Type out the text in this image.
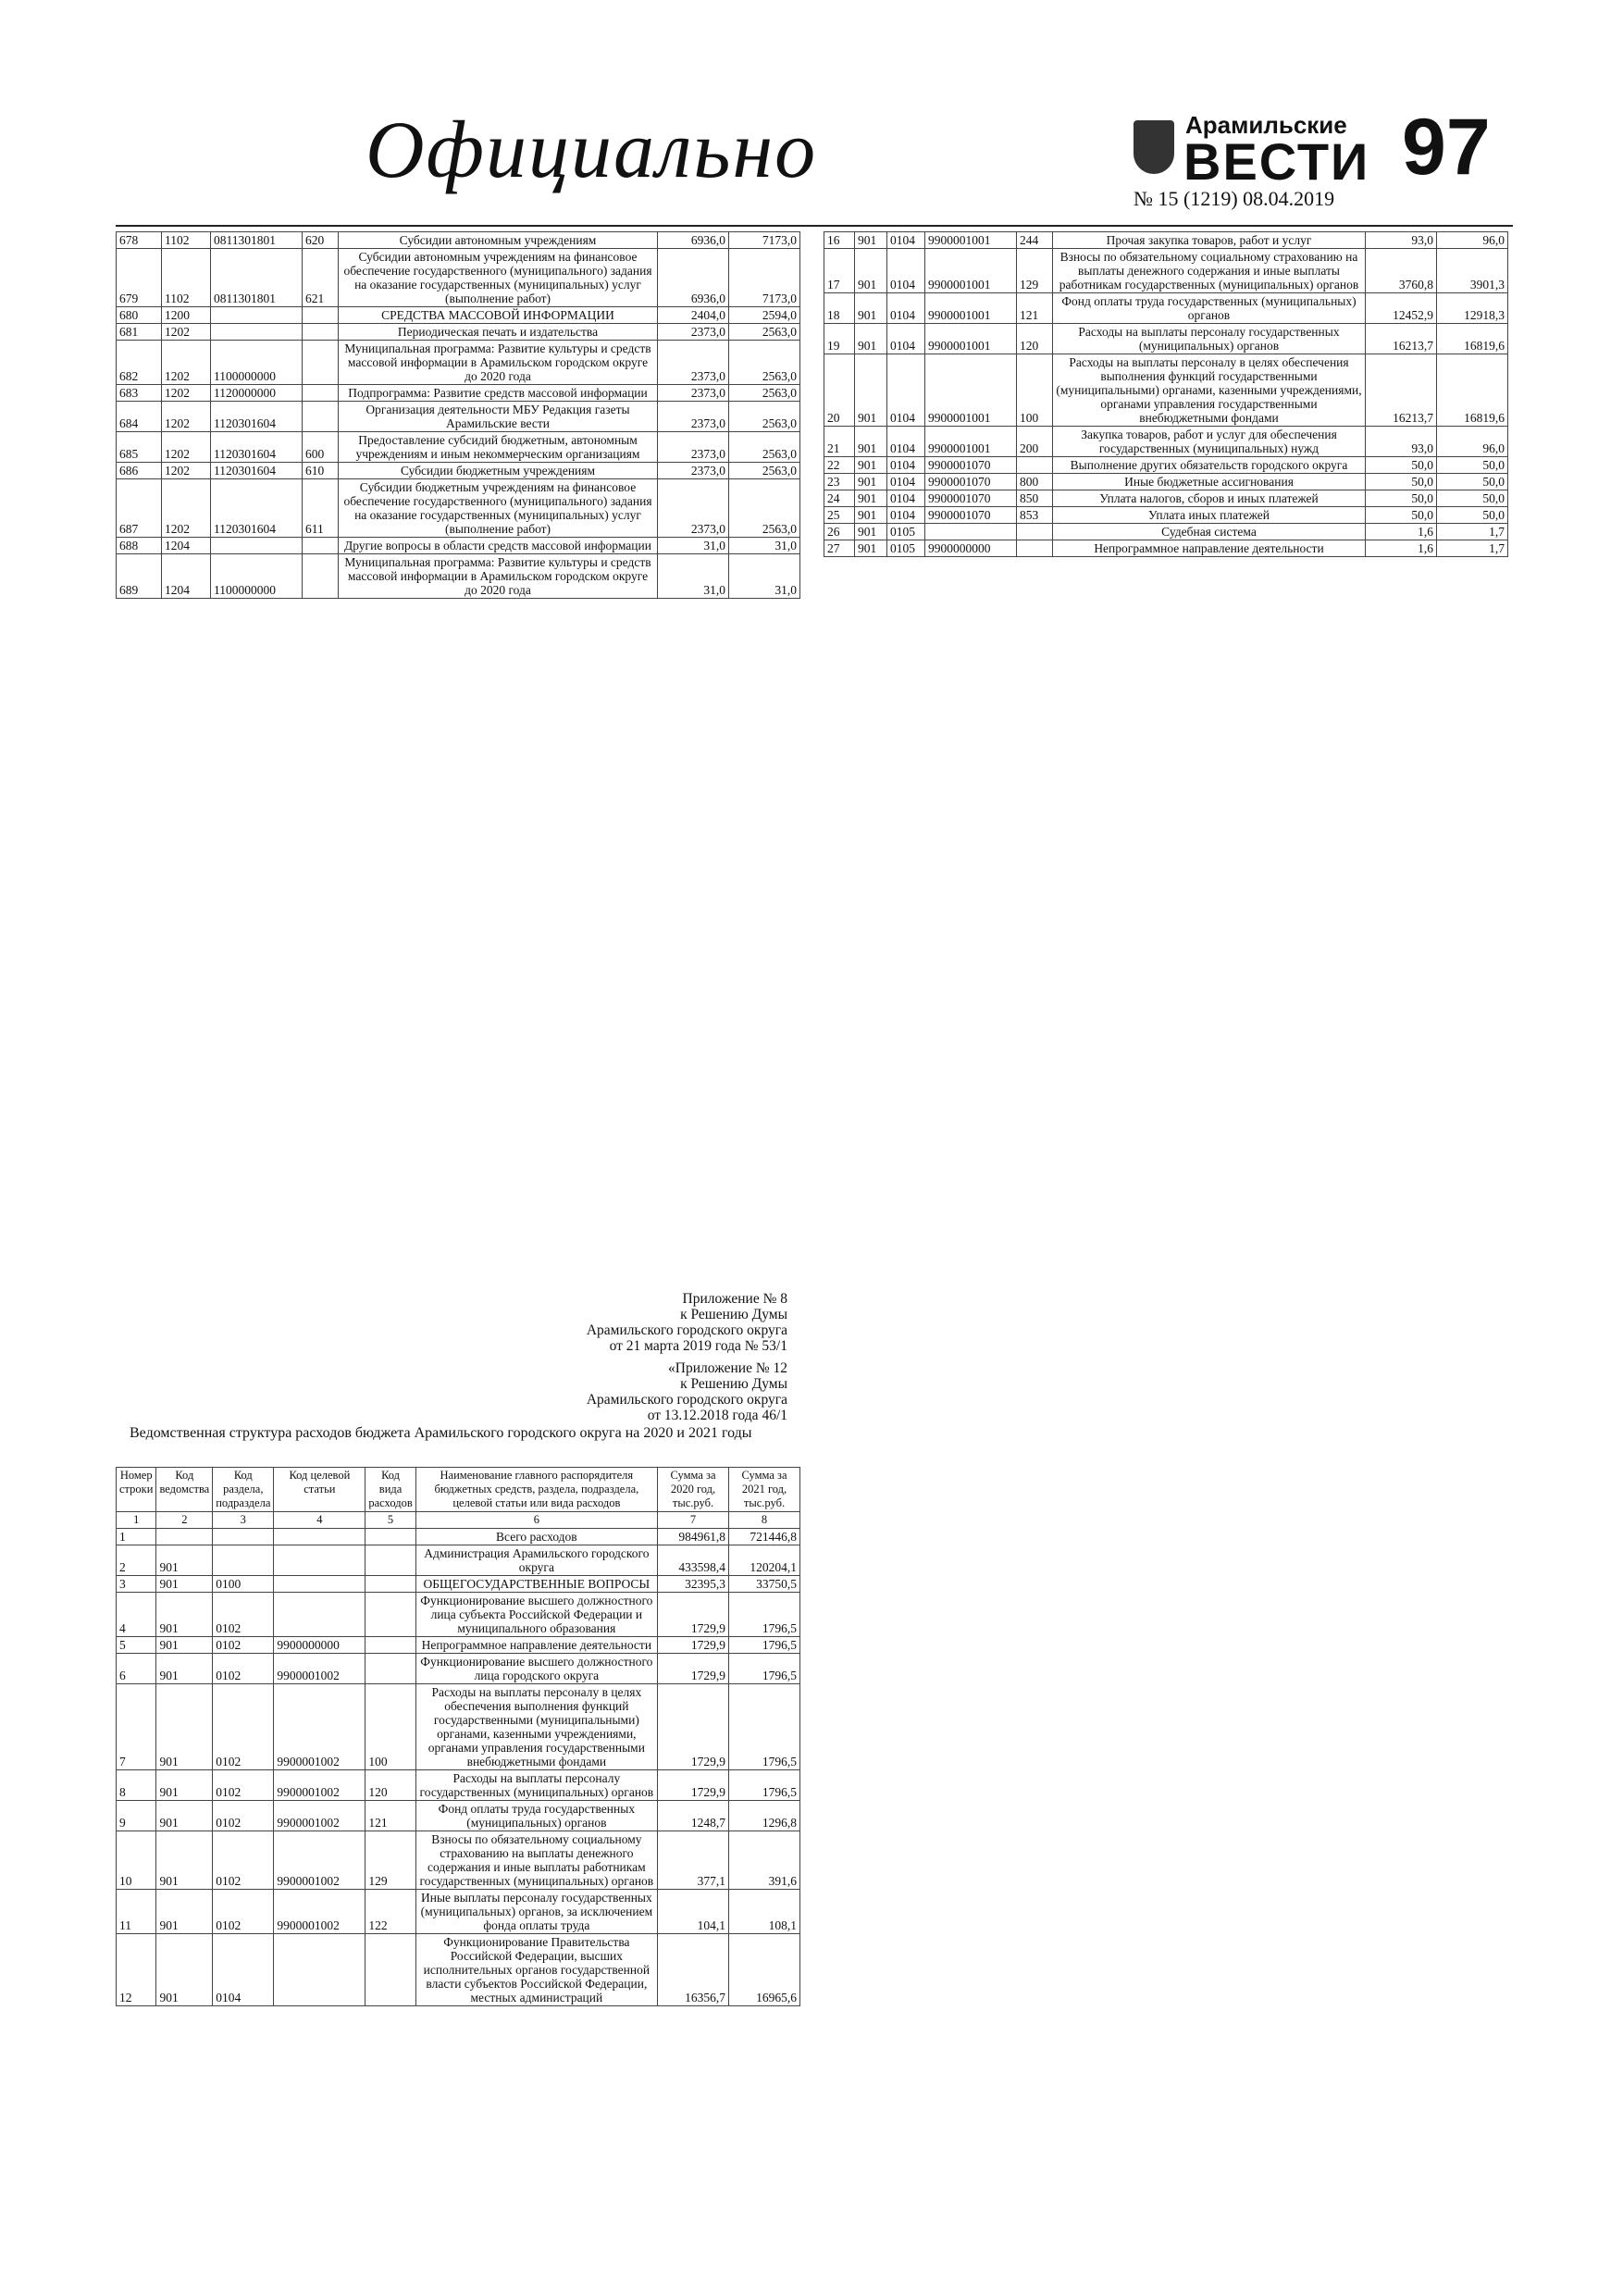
Официально	Арамильские
ВЕСТИ
№ 15 (1219) 08.04.2019
97
678	1102	0811301801	620	Субсидии автономным учреждениям	6936,0	7173,0
679	1102	0811301801	621	Субсидии автономным учреждениям на финансовое обеспечение государственного (муниципального) задания на оказание государственных (муниципальных) услуг (выполнение работ)	6936,0	7173,0
680	1200			СРЕДСТВА МАССОВОЙ ИНФОРМАЦИИ	2404,0	2594,0
681	1202			Периодическая печать и издательства	2373,0	2563,0
682	1202	1100000000		Муниципальная программа: Развитие культуры и средств массовой информации в Арамильском городском округе до 2020 года	2373,0	2563,0
683	1202	1120000000		Подпрограмма: Развитие средств массовой информации	2373,0	2563,0
684	1202	1120301604		Организация деятельности МБУ Редакция газеты Арамильские вести	2373,0	2563,0
685	1202	1120301604	600	Предоставление субсидий бюджетным, автономным учреждениям и иным некоммерческим организациям	2373,0	2563,0
686	1202	1120301604	610	Субсидии бюджетным учреждениям	2373,0	2563,0
687	1202	1120301604	611	Субсидии бюджетным учреждениям на финансовое обеспечение государственного (муниципального) задания на оказание государственных (муниципальных) услуг (выполнение работ)	2373,0	2563,0
688	1204			Другие вопросы в области средств массовой информации	31,0	31,0
689	1204	1100000000		Муниципальная программа: Развитие культуры и средств массовой информации в Арамильском городском округе до 2020 года	31,0	31,0
16	901	0104	9900001001	244	Прочая закупка товаров, работ и услуг	93,0	96,0
17	901	0104	9900001001	129	Взносы по обязательному социальному страхованию на выплаты денежного содержания и иные выплаты работникам государственных (муниципальных) органов	3760,8	3901,3
18	901	0104	9900001001	121	Фонд оплаты труда государственных (муниципальных) органов	12452,9	12918,3
19	901	0104	9900001001	120	Расходы на выплаты персоналу государственных (муниципальных) органов	16213,7	16819,6
20	901	0104	9900001001	100	Расходы на выплаты персоналу в целях обеспечения выполнения функций государственными (муниципальными) органами, казенными учреждениями, органами управления государственными внебюджетными фондами	16213,7	16819,6
21	901	0104	9900001001	200	Закупка товаров, работ и услуг для обеспечения государственных (муниципальных) нужд	93,0	96,0
22	901	0104	9900001070		Выполнение других обязательств городского округа	50,0	50,0
23	901	0104	9900001070	800	Иные бюджетные ассигнования	50,0	50,0
24	901	0104	9900001070	850	Уплата налогов, сборов и иных платежей	50,0	50,0
25	901	0104	9900001070	853	Уплата иных платежей	50,0	50,0
26	901	0105			Судебная система	1,6	1,7
27	901	0105	9900000000		Непрограммное направление деятельности	1,6	1,7
Приложение № 8
к Решению Думы
Арамильского городского округа
от 21 марта 2019 года № 53/1
«Приложение № 12
к Решению Думы
Арамильского городского округа
от 13.12.2018 года 46/1
Ведомственная структура расходов бюджета Арамильского городского округа на 2020 и 2021 годы
Номер строки	Код ведомства	Код раздела, подраздела	Код целевой статьи	Код вида расходов	Наименование главного распорядителя бюджетных средств, раздела, подраздела, целевой статьи или вида расходов	Сумма за 2020 год, тыс.руб.	Сумма за 2021 год, тыс.руб.
1	2	3	4	5	6	7	8
1					Всего расходов	984961,8	721446,8
2	901				Администрация Арамильского городского округа	433598,4	120204,1
3	901	0100			ОБЩЕГОСУДАРСТВЕННЫЕ ВОПРОСЫ	32395,3	33750,5
4	901	0102			Функционирование высшего должностного лица субъекта Российской Федерации и муниципального образования	1729,9	1796,5
5	901	0102	9900000000		Непрограммное направление деятельности	1729,9	1796,5
6	901	0102	9900001002		Функционирование высшего должностного лица городского округа	1729,9	1796,5
7	901	0102	9900001002	100	Расходы на выплаты персоналу в целях обеспечения выполнения функций государственными (муниципальными) органами, казенными учреждениями, органами управления государственными внебюджетными фондами	1729,9	1796,5
8	901	0102	9900001002	120	Расходы на выплаты персоналу государственных (муниципальных) органов	1729,9	1796,5
9	901	0102	9900001002	121	Фонд оплаты труда государственных (муниципальных) органов	1248,7	1296,8
10	901	0102	9900001002	129	Взносы по обязательному социальному страхованию на выплаты денежного содержания и иные выплаты работникам государственных (муниципальных) органов	377,1	391,6
11	901	0102	9900001002	122	Иные выплаты персоналу государственных (муниципальных) органов, за исключением фонда оплаты труда	104,1	108,1
12	901	0104			Функционирование Правительства Российской Федерации, высших исполнительных органов государственной власти субъектов Российской Федерации, местных администраций	16356,7	16965,6
